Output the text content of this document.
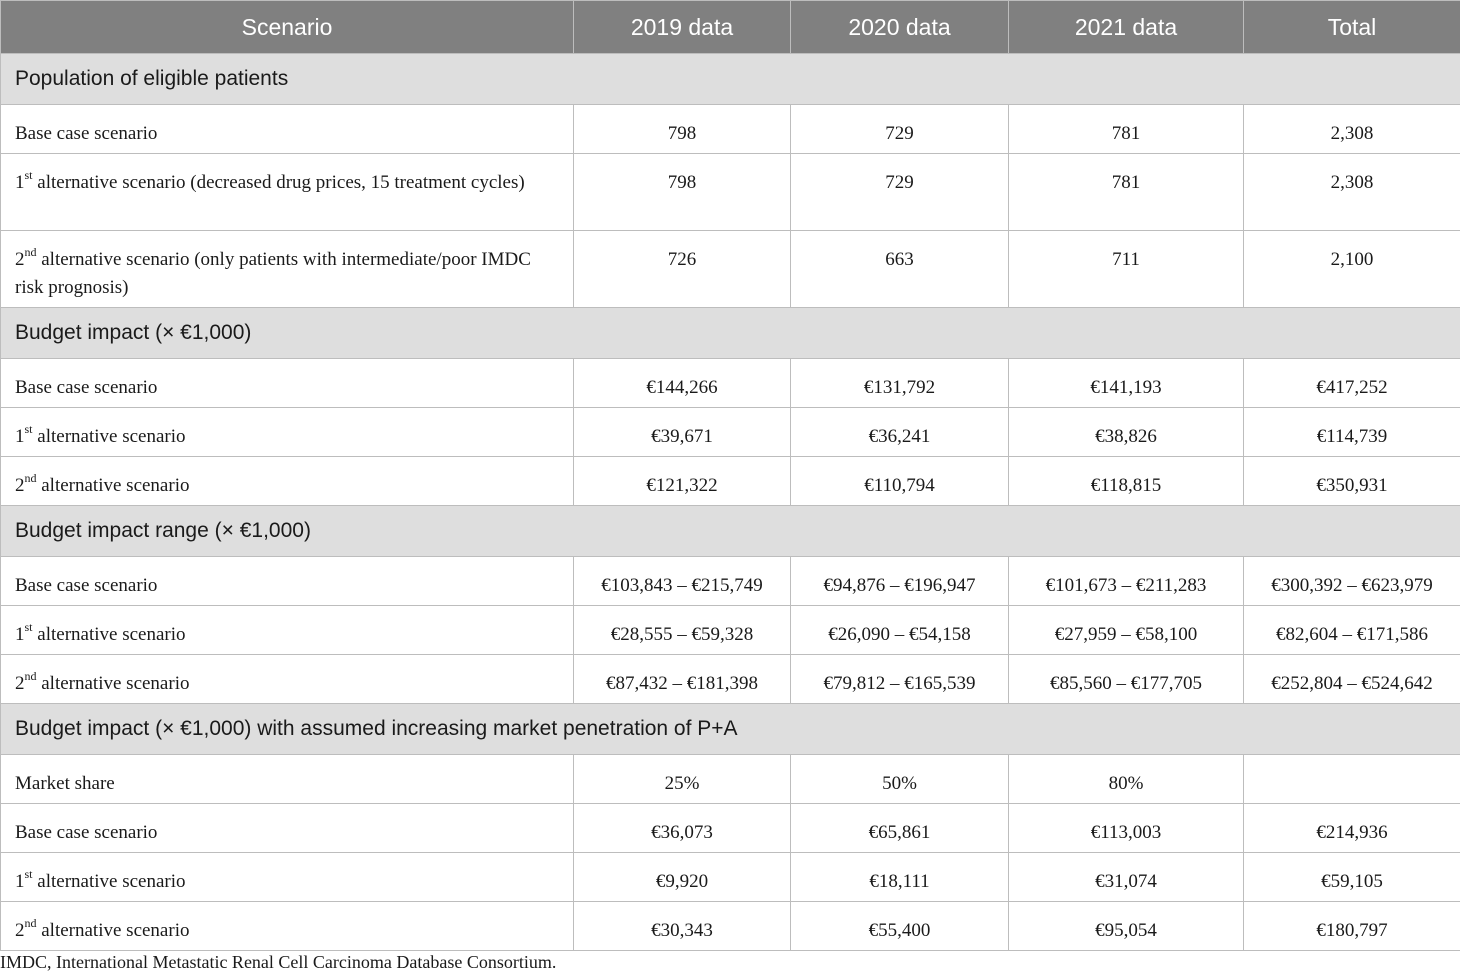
Scenario	2019 data	2020 data	2021 data	Total
Population of eligible patients				
Base case scenario	798	729	781	2,308
1st alternative scenario (decreased drug prices, 15 treatment cycles)	798	729	781	2,308
2nd alternative scenario (only patients with intermediate/poor IMDC risk prognosis)	726	663	711	2,100
Budget impact (× €1,000)				
Base case scenario	€144,266	€131,792	€141,193	€417,252
1st alternative scenario	€39,671	€36,241	€38,826	€114,739
2nd alternative scenario	€121,322	€110,794	€118,815	€350,931
Budget impact range (× €1,000)				
Base case scenario	€103,843 – €215,749	€94,876 – €196,947	€101,673 – €211,283	€300,392 – €623,979
1st alternative scenario	€28,555 – €59,328	€26,090 – €54,158	€27,959 – €58,100	€82,604 – €171,586
2nd alternative scenario	€87,432 – €181,398	€79,812 – €165,539	€85,560 – €177,705	€252,804 – €524,642
Budget impact (× €1,000) with assumed increasing market penetration of P+A				
Market share	25%	50%	80%	
Base case scenario	€36,073	€65,861	€113,003	€214,936
1st alternative scenario	€9,920	€18,111	€31,074	€59,105
2nd alternative scenario	€30,343	€55,400	€95,054	€180,797
IMDC, International Metastatic Renal Cell Carcinoma Database Consortium.
